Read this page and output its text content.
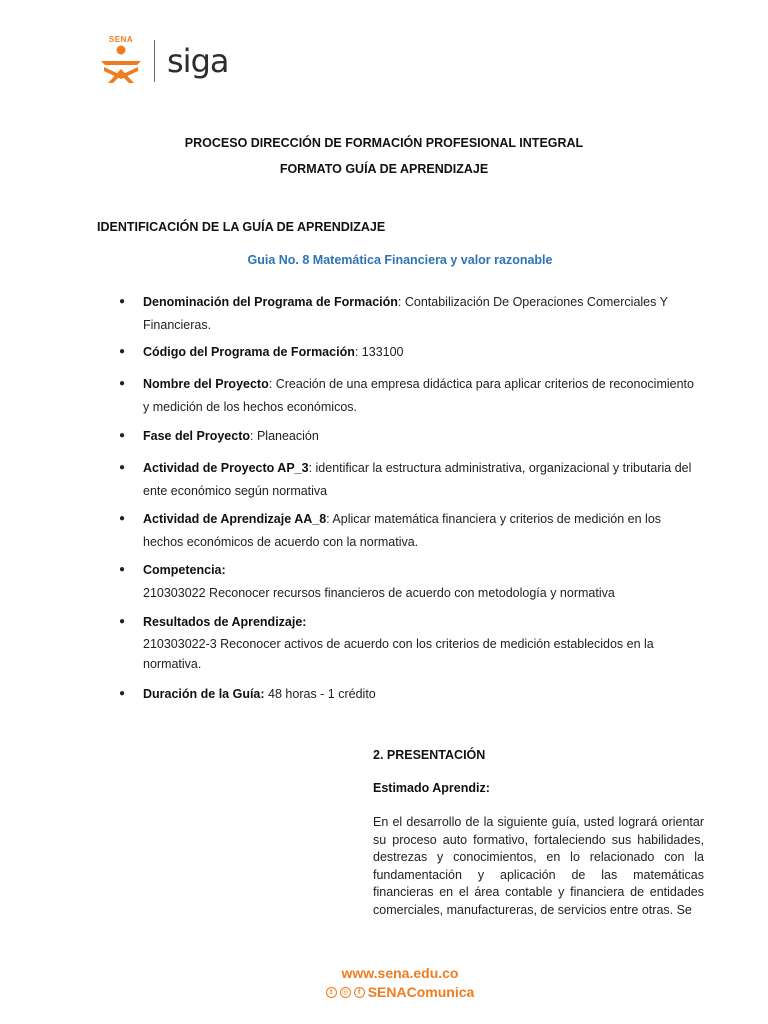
SENA
siga
PROCESO DIRECCIÓN DE FORMACIÓN PROFESIONAL INTEGRAL
FORMATO GUÍA DE APRENDIZAJE
IDENTIFICACIÓN DE LA GUÍA DE APRENDIZAJE
Guia No. 8 Matemática Financiera y valor razonable
● Denominación del Programa de Formación: Contabilización De Operaciones Comerciales Y
Financieras.
● Código del Programa de Formación: 133100
● Nombre del Proyecto: Creación de una empresa didáctica para aplicar criterios de reconocimiento
y medición de los hechos económicos.
● Fase del Proyecto: Planeación
● Actividad de Proyecto AP_3: identificar la estructura administrativa, organizacional y tributaria del
ente económico según normativa
● Actividad de Aprendizaje AA_8: Aplicar matemática financiera y criterios de medición en los
hechos económicos de acuerdo con la normativa.
● Competencia:
210303022 Reconocer recursos financieros de acuerdo con metodología y normativa
● Resultados de Aprendizaje:
210303022-3 Reconocer activos de acuerdo con los criterios de medición establecidos en la
normativa.
● Duración de la Guía: 48 horas - 1 crédito
2. PRESENTACIÓN
Estimado Aprendiz:
En el desarrollo de la siguiente guía, usted logrará orientar su proceso auto formativo, fortaleciendo sus habilidades, destrezas y conocimientos, en lo relacionado con la fundamentación y aplicación de las matemáticas financieras en el área contable y financiera de entidades comerciales, manufactureras, de servicios entre otras. Se
www.sena.edu.co
t	◎	f SENAComunica
